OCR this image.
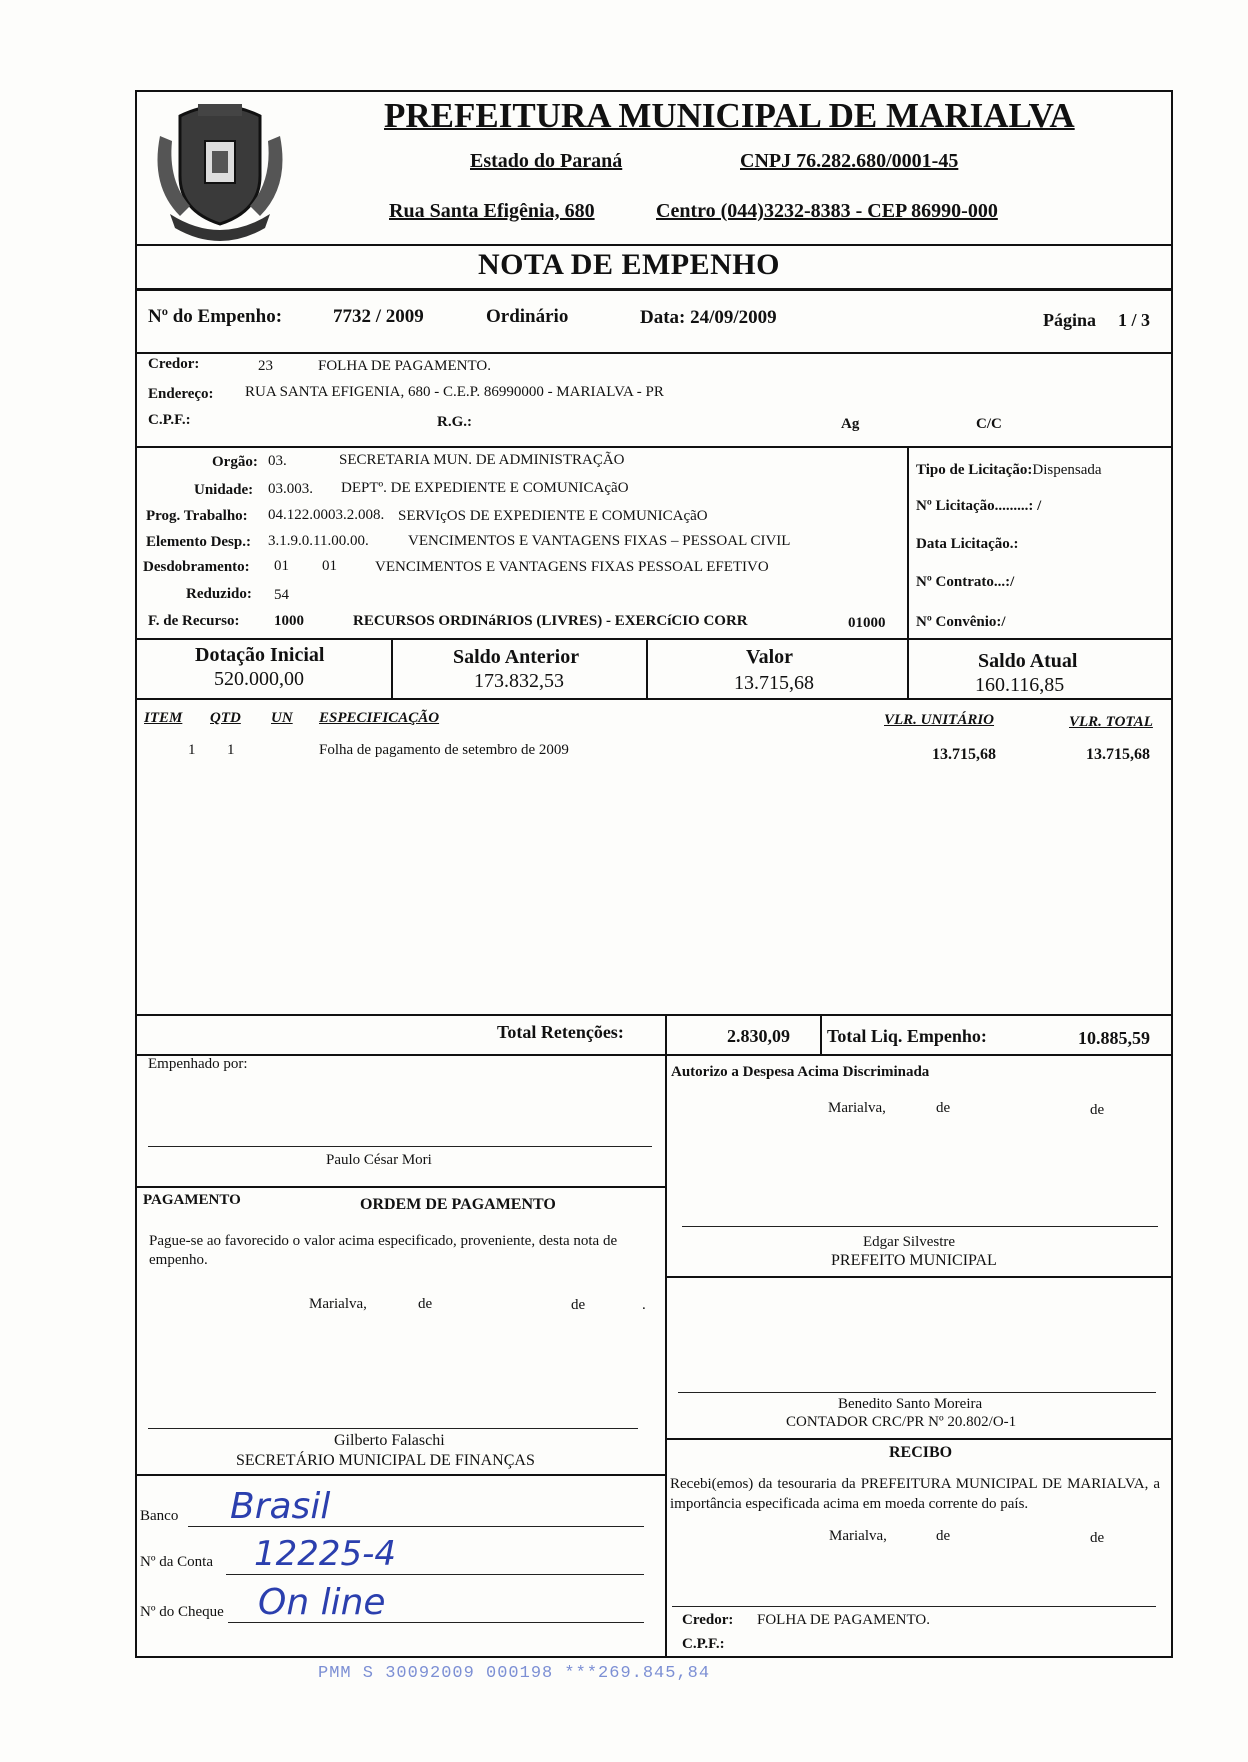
PREFEITURA MUNICIPAL DE MARIALVA
Estado do Paraná	CNPJ 76.282.680/0001-45
Rua Santa Efigênia, 680	Centro (044)3232-8383 - CEP 86990-000
NOTA DE EMPENHO
Nº do Empenho:	7732 / 2009	Ordinário	Data: 24/09/2009	Página 1 / 3
Credor:	23	FOLHA DE PAGAMENTO.
Endereço: RUA SANTA EFIGENIA, 680 - C.E.P. 86990000 - MARIALVA - PR
C.P.F.:	R.G.:	Ag	C/C
Orgão: 03.	SECRETARIA MUN. DE ADMINISTRAÇÃO
Unidade: 03.003. DEPTº. DE EXPEDIENTE E COMUNICAçãO
Prog. Trabalho: 04.122.0003.2.008. SERVIçOS DE EXPEDIENTE E COMUNICAçãO
Elemento Desp.: 3.1.9.0.11.00.00.	VENCIMENTOS E VANTAGENS FIXAS – PESSOAL CIVIL
Desdobramento: 01 01	VENCIMENTOS E VANTAGENS FIXAS PESSOAL EFETIVO
Reduzido: 54
F. de Recurso: 1000	RECURSOS ORDINáRIOS (LIVRES) - EXERCíCIO CORR	01000
Tipo de Licitação:Dispensada
Nº Licitação.........: /
Data Licitação.:
Nº Contrato...:/
Nº Convênio:/
Dotação Inicial
520.000,00
Saldo Anterior
173.832,53
Valor
13.715,68
Saldo Atual
160.116,85
ITEM QTD UN ESPECIFICAÇÃO	VLR. UNITÁRIO	VLR. TOTAL
1 1	Folha de pagamento de setembro de 2009	13.715,68	13.715,68
Total Retenções:	2.830,09 Total Liq. Empenho:	10.885,59
Empenhado por:
Paulo César Mori
PAGAMENTO	ORDEM DE PAGAMENTO
Pague-se ao favorecido o valor acima especificado, proveniente, desta nota de empenho.
Marialva,	de	de	.
Gilberto Falaschi
SECRETÁRIO MUNICIPAL DE FINANÇAS
Banco Brasil
Nº da Conta 12225-4
Nº do Cheque On line
Autorizo a Despesa Acima Discriminada
Marialva,	de	de
Edgar Silvestre
PREFEITO MUNICIPAL
Benedito Santo Moreira
CONTADOR CRC/PR Nº 20.802/O-1
RECIBO
Recebi(emos) da tesouraria da PREFEITURA MUNICIPAL DE MARIALVA, a importância especificada acima em moeda corrente do país.
Marialva,	de	de
Credor: FOLHA DE PAGAMENTO.
C.P.F.:
PMM S 30092009 000198 ***269.845,84
